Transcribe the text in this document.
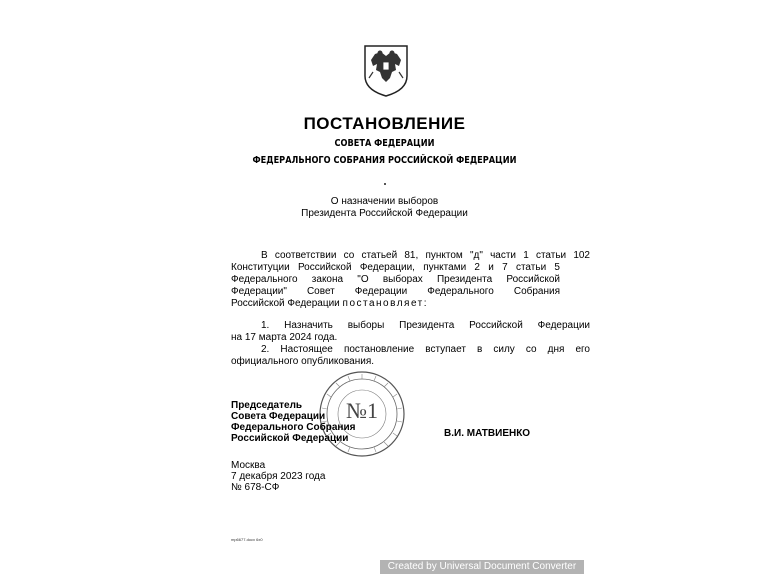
ПОСТАНОВЛЕНИЕ
СОВЕТА ФЕДЕРАЦИИ
ФЕДЕРАЛЬНОГО СОБРАНИЯ РОССИЙСКОЙ ФЕДЕРАЦИИ
О назначении выборов
Президента Российской Федерации
В соответствии со статьей 81, пунктом "д" части 1 статьи 102
Конституции Российской Федерации, пунктами 2 и 7 статьи 5
Федерального закона "О выборах Президента Российской
Федерации" Совет Федерации Федерального Собрания
Российской Федерации постановляет:
1. Назначить выборы Президента Российской Федерации
на 17 марта 2024 года.
2. Настоящее постановление вступает в силу со дня его
официального опубликования.
№1
Председатель
Совета Федерации
Федерального Собрания
Российской Федерации	В.И. МАТВИЕНКО
Москва
7 декабря 2023 года
№ 678-СФ
mp6677.docx 6x0
Created by Universal Document Converter
